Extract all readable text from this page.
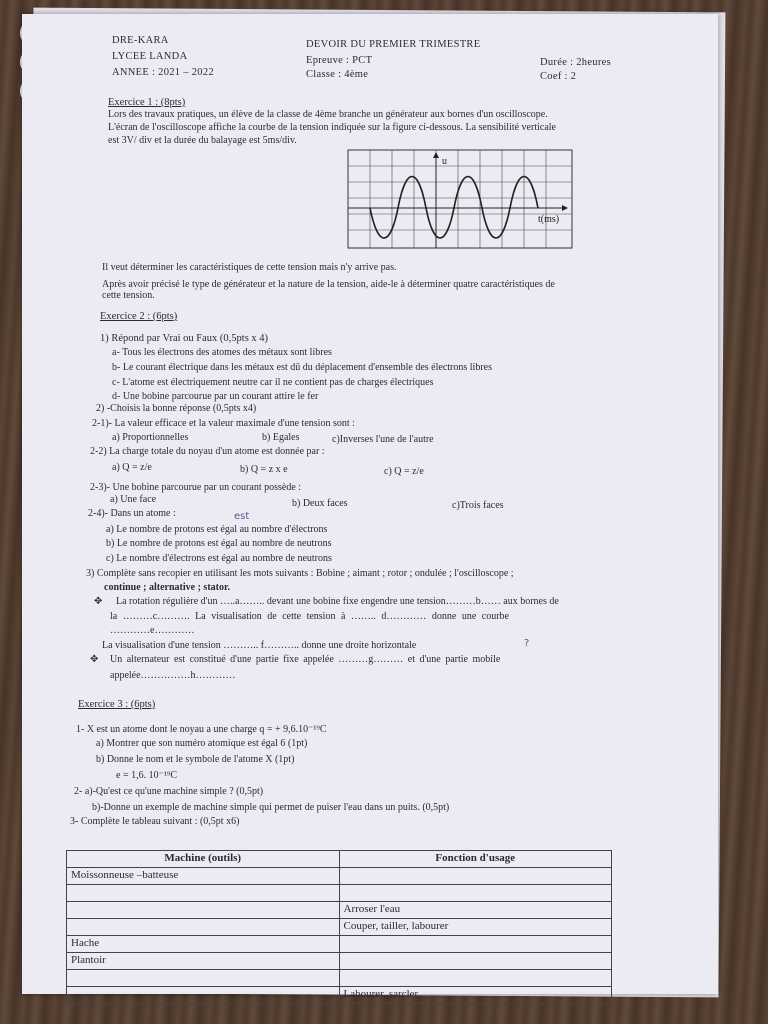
DRE-KARA
LYCEE LANDA
ANNEE : 2021 – 2022
DEVOIR DU PREMIER TRIMESTRE
Epreuve : PCT
Classe : 4ème
Durée : 2heures
Coef : 2
Exercice 1 : (8pts)
Lors des travaux pratiques, un élève de la classe de 4ème branche un générateur aux bornes d'un oscilloscope.
L'écran de l'oscilloscope affiche la courbe de la tension indiquée sur la figure ci-dessous. La sensibilité verticale
est 3V/ div et la durée du balayage est 5ms/div.
u
t(ms)
Il veut déterminer les caractéristiques de cette tension mais n'y arrive pas.
Après avoir précisé le type de générateur et la nature de la tension, aide-le à déterminer quatre caractéristiques de
cette tension.
Exercice 2 : (6pts)
1) Répond par Vrai ou Faux (0,5pts x 4)
a- Tous les électrons des atomes des métaux sont libres
b- Le courant électrique dans les métaux est dû du déplacement d'ensemble des électrons libres
c- L'atome est électriquement neutre car il ne contient pas de charges électriques
d- Une bobine parcourue par un courant attire le fer
2) -Choisis la bonne réponse (0,5pts x4)
2-1)- La valeur efficace et la valeur maximale d'une tension sont :
a) Proportionnelles	b) Egales	c)Inverses l'une de l'autre
2-2) La charge totale du noyau d'un atome est donnée par :
a) Q = z/e	b) Q = z x e	c) Q = z/e
2-3)- Une bobine parcourue par un courant possède :
a) Une face	b) Deux faces	c)Trois faces
2-4)- Dans un atome :	est
a) Le nombre de protons est égal au nombre d'électrons
b) Le nombre de protons est égal au nombre de neutrons
c) Le nombre d'électrons est égal au nombre de neutrons
3) Complète sans recopier en utilisant les mots suivants : Bobine ; aimant ; rotor ; ondulée ; l'oscilloscope ;
continue ; alternative ; stator.
✥ La rotation régulière d'un …..a…….. devant une bobine fixe engendre une tension………b…… aux bornes de
la ………c………. La visualisation de cette tension à …….. d………… donne une courbe
…………e…………
La visualisation d'une tension ……….. f……….. donne une droite horizontale	?
✥ Un alternateur est constitué d'une partie fixe appelée ………g……… et d'une partie mobile
appelée……………h…………
Exercice 3 : (6pts)
1- X est un atome dont le noyau a une charge q = + 9,6.10⁻¹⁹C
a) Montrer que son numéro atomique est égal 6 (1pt)
b) Donne le nom et le symbole de l'atome X (1pt)
e = 1,6. 10⁻¹⁹C
2- a)-Qu'est ce qu'une machine simple ? (0,5pt)
b)-Donne un exemple de machine simple qui permet de puiser l'eau dans un puits. (0,5pt)
3- Complète le tableau suivant : (0,5pt x6)
Machine (outils)	Fonction d'usage
Moissonneuse –batteuse	

	Arroser l'eau
	Couper, tailler, labourer
Hache	
Plantoir	

	Labourer, sarcler
